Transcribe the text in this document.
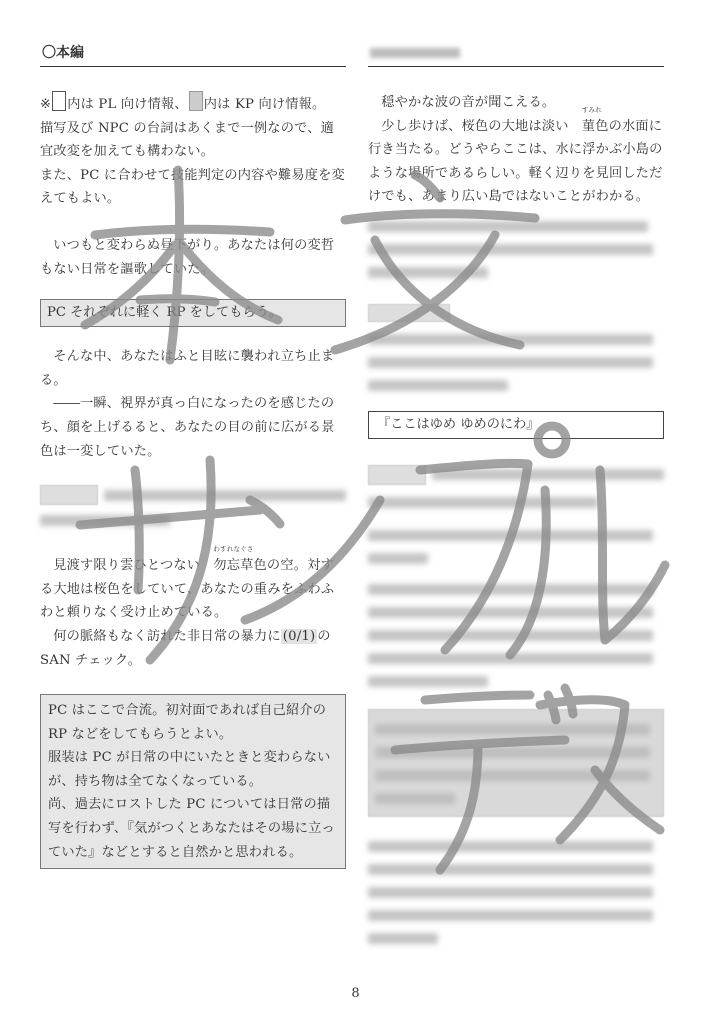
〇本編

※ 内は PL 向け情報、 内は KP 向け情報。

描写及び NPC の台詞はあくまで一例なので、適宜改変を加えても構わない。

また、PC に合わせて技能判定の内容や難易度を変えてもよい。

いつもと変わらぬ昼下がり。あなたは何の変哲もない日常を謳歌していた。

PC それぞれに軽く RP をしてもらう。

そんな中、あなたはふと目眩に襲われ立ち止まる。

――一瞬、視界が真っ白になったのを感じたのち、顔を上げるると、あなたの目の前に広がる景色は一変していた。

見渡す限り雲ひとつない 勿忘草
わすれなぐさ
色の空。対する大地は桜色をしていて、あなたの重みをふわふわと頼りなく受け止めている。

何の脈絡もなく訪れた非日常の暴力に (0/1) の SAN チェック。

PC はここで合流。初対面であれば自己紹介の RP などをしてもらうとよい。

服装は PC が日常の中にいたときと変わらないが、持ち物は全てなくなっている。

尚、過去にロストした PC については日常の描写を行わず、『気がつくとあなたはその場に立っていた』などとすると自然かと思われる。

穏やかな波の音が聞こえる。

少し歩けば、桜色の大地は淡い 菫
すみれ
色の水面に行き当たる。どうやらここは、水に浮かぶ小島のような場所であるらしい。軽く辺りを見回しただけでも、あまり広い島ではないことがわかる。

『ここはゆめ ゆめのにわ』
8
